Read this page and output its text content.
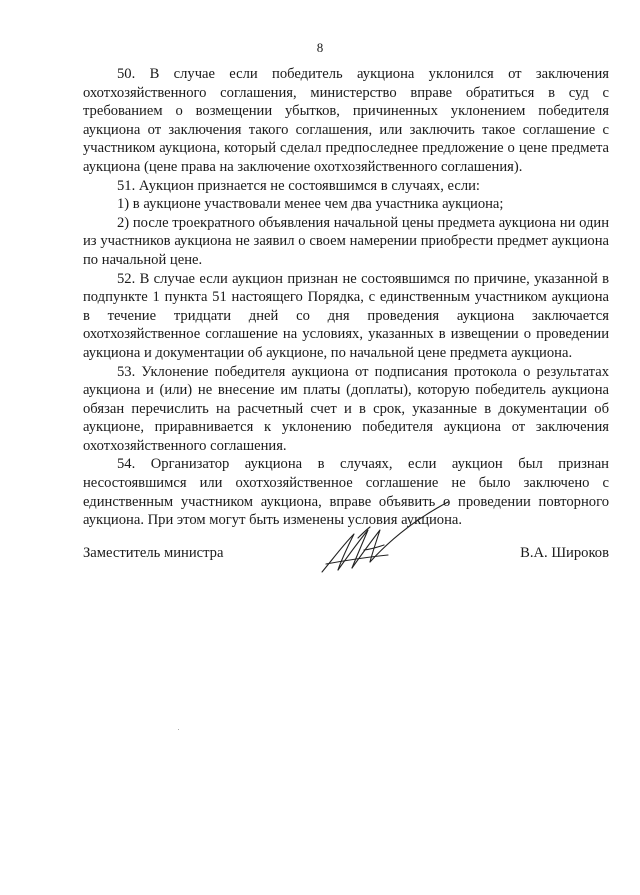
8

50. В случае если победитель аукциона уклонился от заключения охотхозяйственного соглашения, министерство вправе обратиться в суд с требованием о возмещении убытков, причиненных уклонением победителя аукциона от заключения такого соглашения, или заключить такое соглашение с участником аукциона, который сделал предпоследнее предложение о цене предмета аукциона (цене права на заключение охотхозяйственного соглашения).

51. Аукцион признается не состоявшимся в случаях, если:

1) в аукционе участвовали менее чем два участника аукциона;

2) после троекратного объявления начальной цены предмета аукциона ни один из участников аукциона не заявил о своем намерении приобрести предмет аукциона по начальной цене.

52. В случае если аукцион признан не состоявшимся по причине, указанной в подпункте 1 пункта 51 настоящего Порядка, с единственным участником аукциона в течение тридцати дней со дня проведения аукциона заключается охотхозяйственное соглашение на условиях, указанных в извещении о проведении аукциона и документации об аукционе, по начальной цене предмета аукциона.

53. Уклонение победителя аукциона от подписания протокола о результатах аукциона и (или) не внесение им платы (доплаты), которую победитель аукциона обязан перечислить на расчетный счет и в срок, указанные в документации об аукционе, приравнивается к уклонению победителя аукциона от заключения охотхозяйственного соглашения.

54. Организатор аукциона в случаях, если аукцион был признан несостоявшимся или охотхозяйственное соглашение не было заключено с единственным участником аукциона, вправе объявить о проведении повторного аукциона. При этом могут быть изменены условия аукциона.

Заместитель министра	В.А. Широков
